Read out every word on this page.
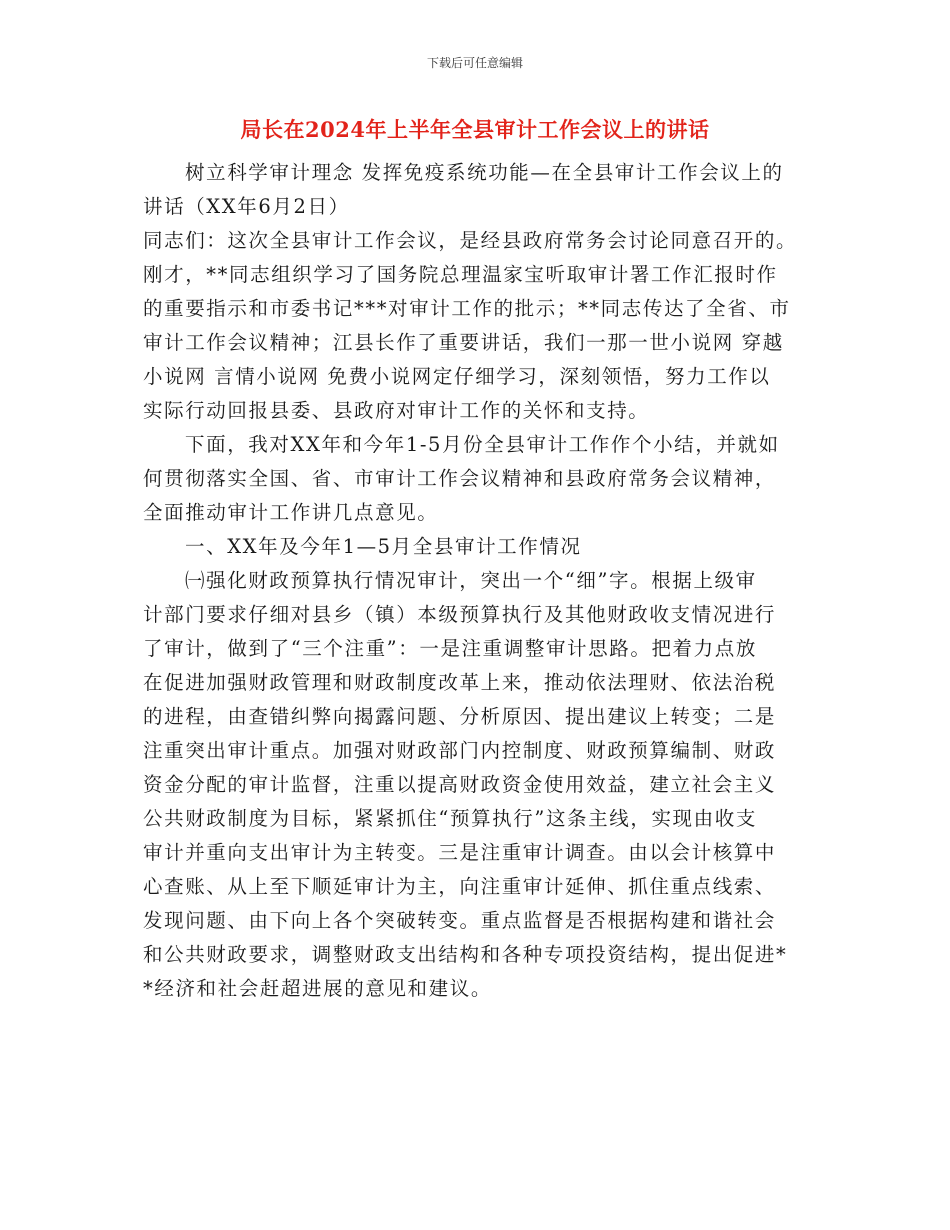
下载后可任意编辑
局长在2024年上半年全县审计工作会议上的讲话
树立科学审计理念 发挥免疫系统功能—在全县审计工作会议上的
讲话（XX年6月2日）
同志们：这次全县审计工作会议，是经县政府常务会讨论同意召开的。
刚才，**同志组织学习了国务院总理温家宝听取审计署工作汇报时作
的重要指示和市委书记***对审计工作的批示；**同志传达了全省、市
审计工作会议精神；江县长作了重要讲话，我们一那一世小说网 穿越
小说网 言情小说网 免费小说网定仔细学习，深刻领悟，努力工作以
实际行动回报县委、县政府对审计工作的关怀和支持。
下面，我对XX年和今年1-5月份全县审计工作作个小结，并就如
何贯彻落实全国、省、市审计工作会议精神和县政府常务会议精神，
全面推动审计工作讲几点意见。
一、XX年及今年1—5月全县审计工作情况
㈠强化财政预算执行情况审计，突出一个“细”字。根据上级审
计部门要求仔细对县乡（镇）本级预算执行及其他财政收支情况进行
了审计，做到了“三个注重”：一是注重调整审计思路。把着力点放
在促进加强财政管理和财政制度改革上来，推动依法理财、依法治税
的进程，由查错纠弊向揭露问题、分析原因、提出建议上转变；二是
注重突出审计重点。加强对财政部门内控制度、财政预算编制、财政
资金分配的审计监督，注重以提高财政资金使用效益，建立社会主义
公共财政制度为目标，紧紧抓住“预算执行”这条主线，实现由收支
审计并重向支出审计为主转变。三是注重审计调查。由以会计核算中
心查账、从上至下顺延审计为主，向注重审计延伸、抓住重点线索、
发现问题、由下向上各个突破转变。重点监督是否根据构建和谐社会
和公共财政要求，调整财政支出结构和各种专项投资结构，提出促进*
*经济和社会赶超进展的意见和建议。
